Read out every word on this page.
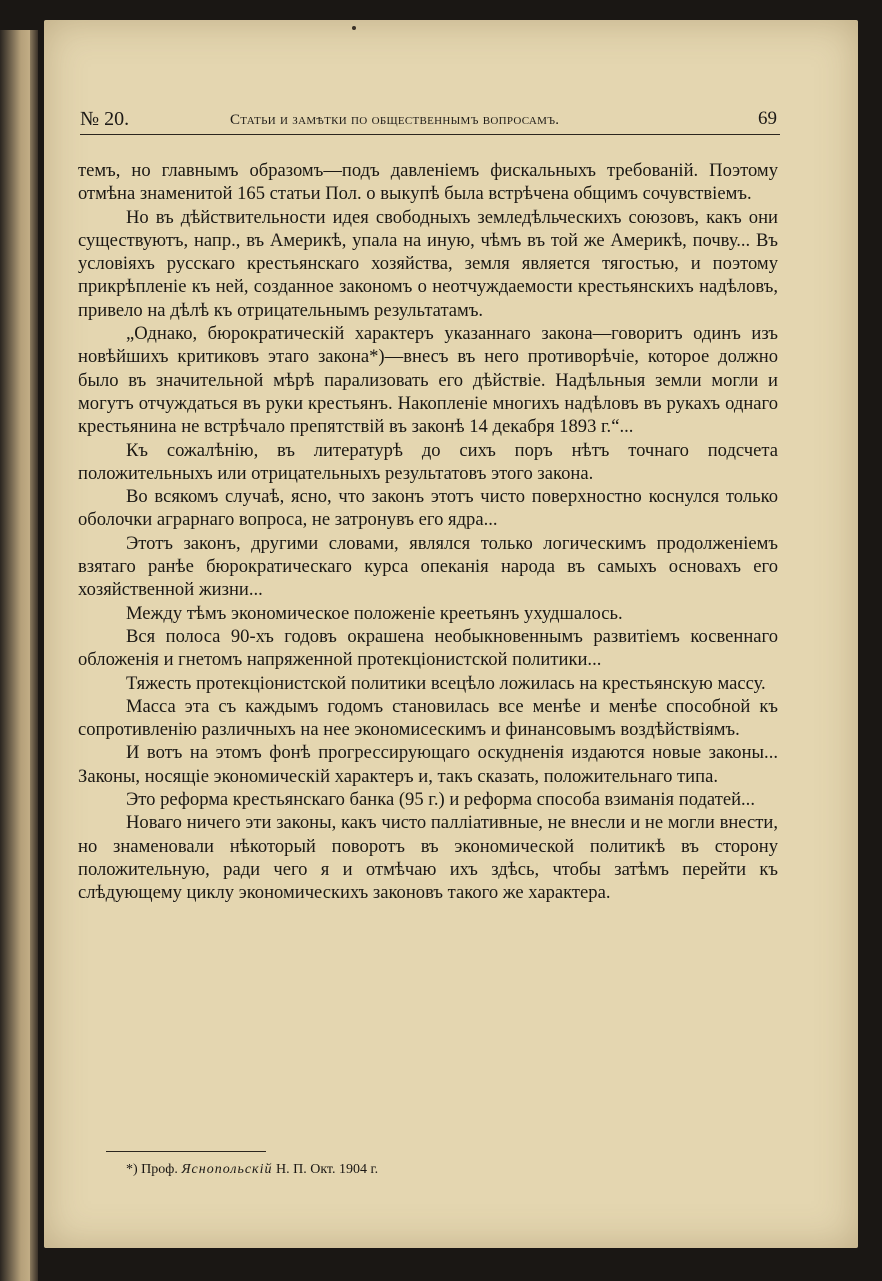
№ 20.	Статьи и замѣтки по общественнымъ вопросамъ.	69

темъ, но главнымъ образомъ—подъ давленіемъ фискальныхъ требованій. Поэтому отмѣна знаменитой 165 статьи Пол. о выкупѣ была встрѣчена общимъ сочувствіемъ.

Но въ дѣйствительности идея свободныхъ земледѣльческихъ союзовъ, какъ они существуютъ, напр., въ Америкѣ, упала на иную, чѣмъ въ той же Америкѣ, почву... Въ условіяхъ русскаго крестьянскаго хозяйства, земля является тягостью, и поэтому прикрѣпленіе къ ней, созданное закономъ о неотчуждаемости крестьянскихъ надѣловъ, привело на дѣлѣ къ отрицательнымъ результатамъ.

„Однако, бюрократическій характеръ указаннаго закона—говоритъ одинъ изъ новѣйшихъ критиковъ этаго закона*)—внесъ въ него противорѣчіе, которое должно было въ значительной мѣрѣ парализовать его дѣйствіе. Надѣльныя земли могли и могутъ отчуждаться въ руки крестьянъ. Накопленіе многихъ надѣловъ въ рукахъ однаго крестьянина не встрѣчало препятствій въ законѣ 14 декабря 1893 г.“...

Къ сожалѣнію, въ литературѣ до сихъ поръ нѣтъ точнаго подсчета положительныхъ или отрицательныхъ результатовъ этого закона.

Во всякомъ случаѣ, ясно, что законъ этотъ чисто поверхностно коснулся только оболочки аграрнаго вопроса, не затронувъ его ядра...

Этотъ законъ, другими словами, являлся только логическимъ продолженіемъ взятаго ранѣе бюрократическаго курса опеканія народа въ самыхъ основахъ его хозяйственной жизни...

Между тѣмъ экономическое положеніе креетьянъ ухудшалось.

Вся полоса 90-хъ годовъ окрашена необыкновеннымъ развитіемъ косвеннаго обложенія и гнетомъ напряженной протекціонистской политики...

Тяжесть протекціонистской политики всецѣло ложилась на крестьянскую массу.

Масса эта съ каждымъ годомъ становилась все менѣе и менѣе способной къ сопротивленію различныхъ на нее экономисескимъ и финансовымъ воздѣйствіямъ.

И вотъ на этомъ фонѣ прогрессирующаго оскудненія издаются новые законы... Законы, носящіе экономическій характеръ и, такъ сказать, положительнаго типа.

Это реформа крестьянскаго банка (95 г.) и реформа способа взиманія податей...

Новаго ничего эти законы, какъ чисто палліативные, не внесли и не могли внести, но знаменовали нѣкоторый поворотъ въ экономической политикѣ въ сторону положительную, ради чего я и отмѣчаю ихъ здѣсь, чтобы затѣмъ перейти къ слѣдующему циклу экономическихъ законовъ такого же характера.

*) Проф. Яснопольскій Н. П. Окт. 1904 г.
